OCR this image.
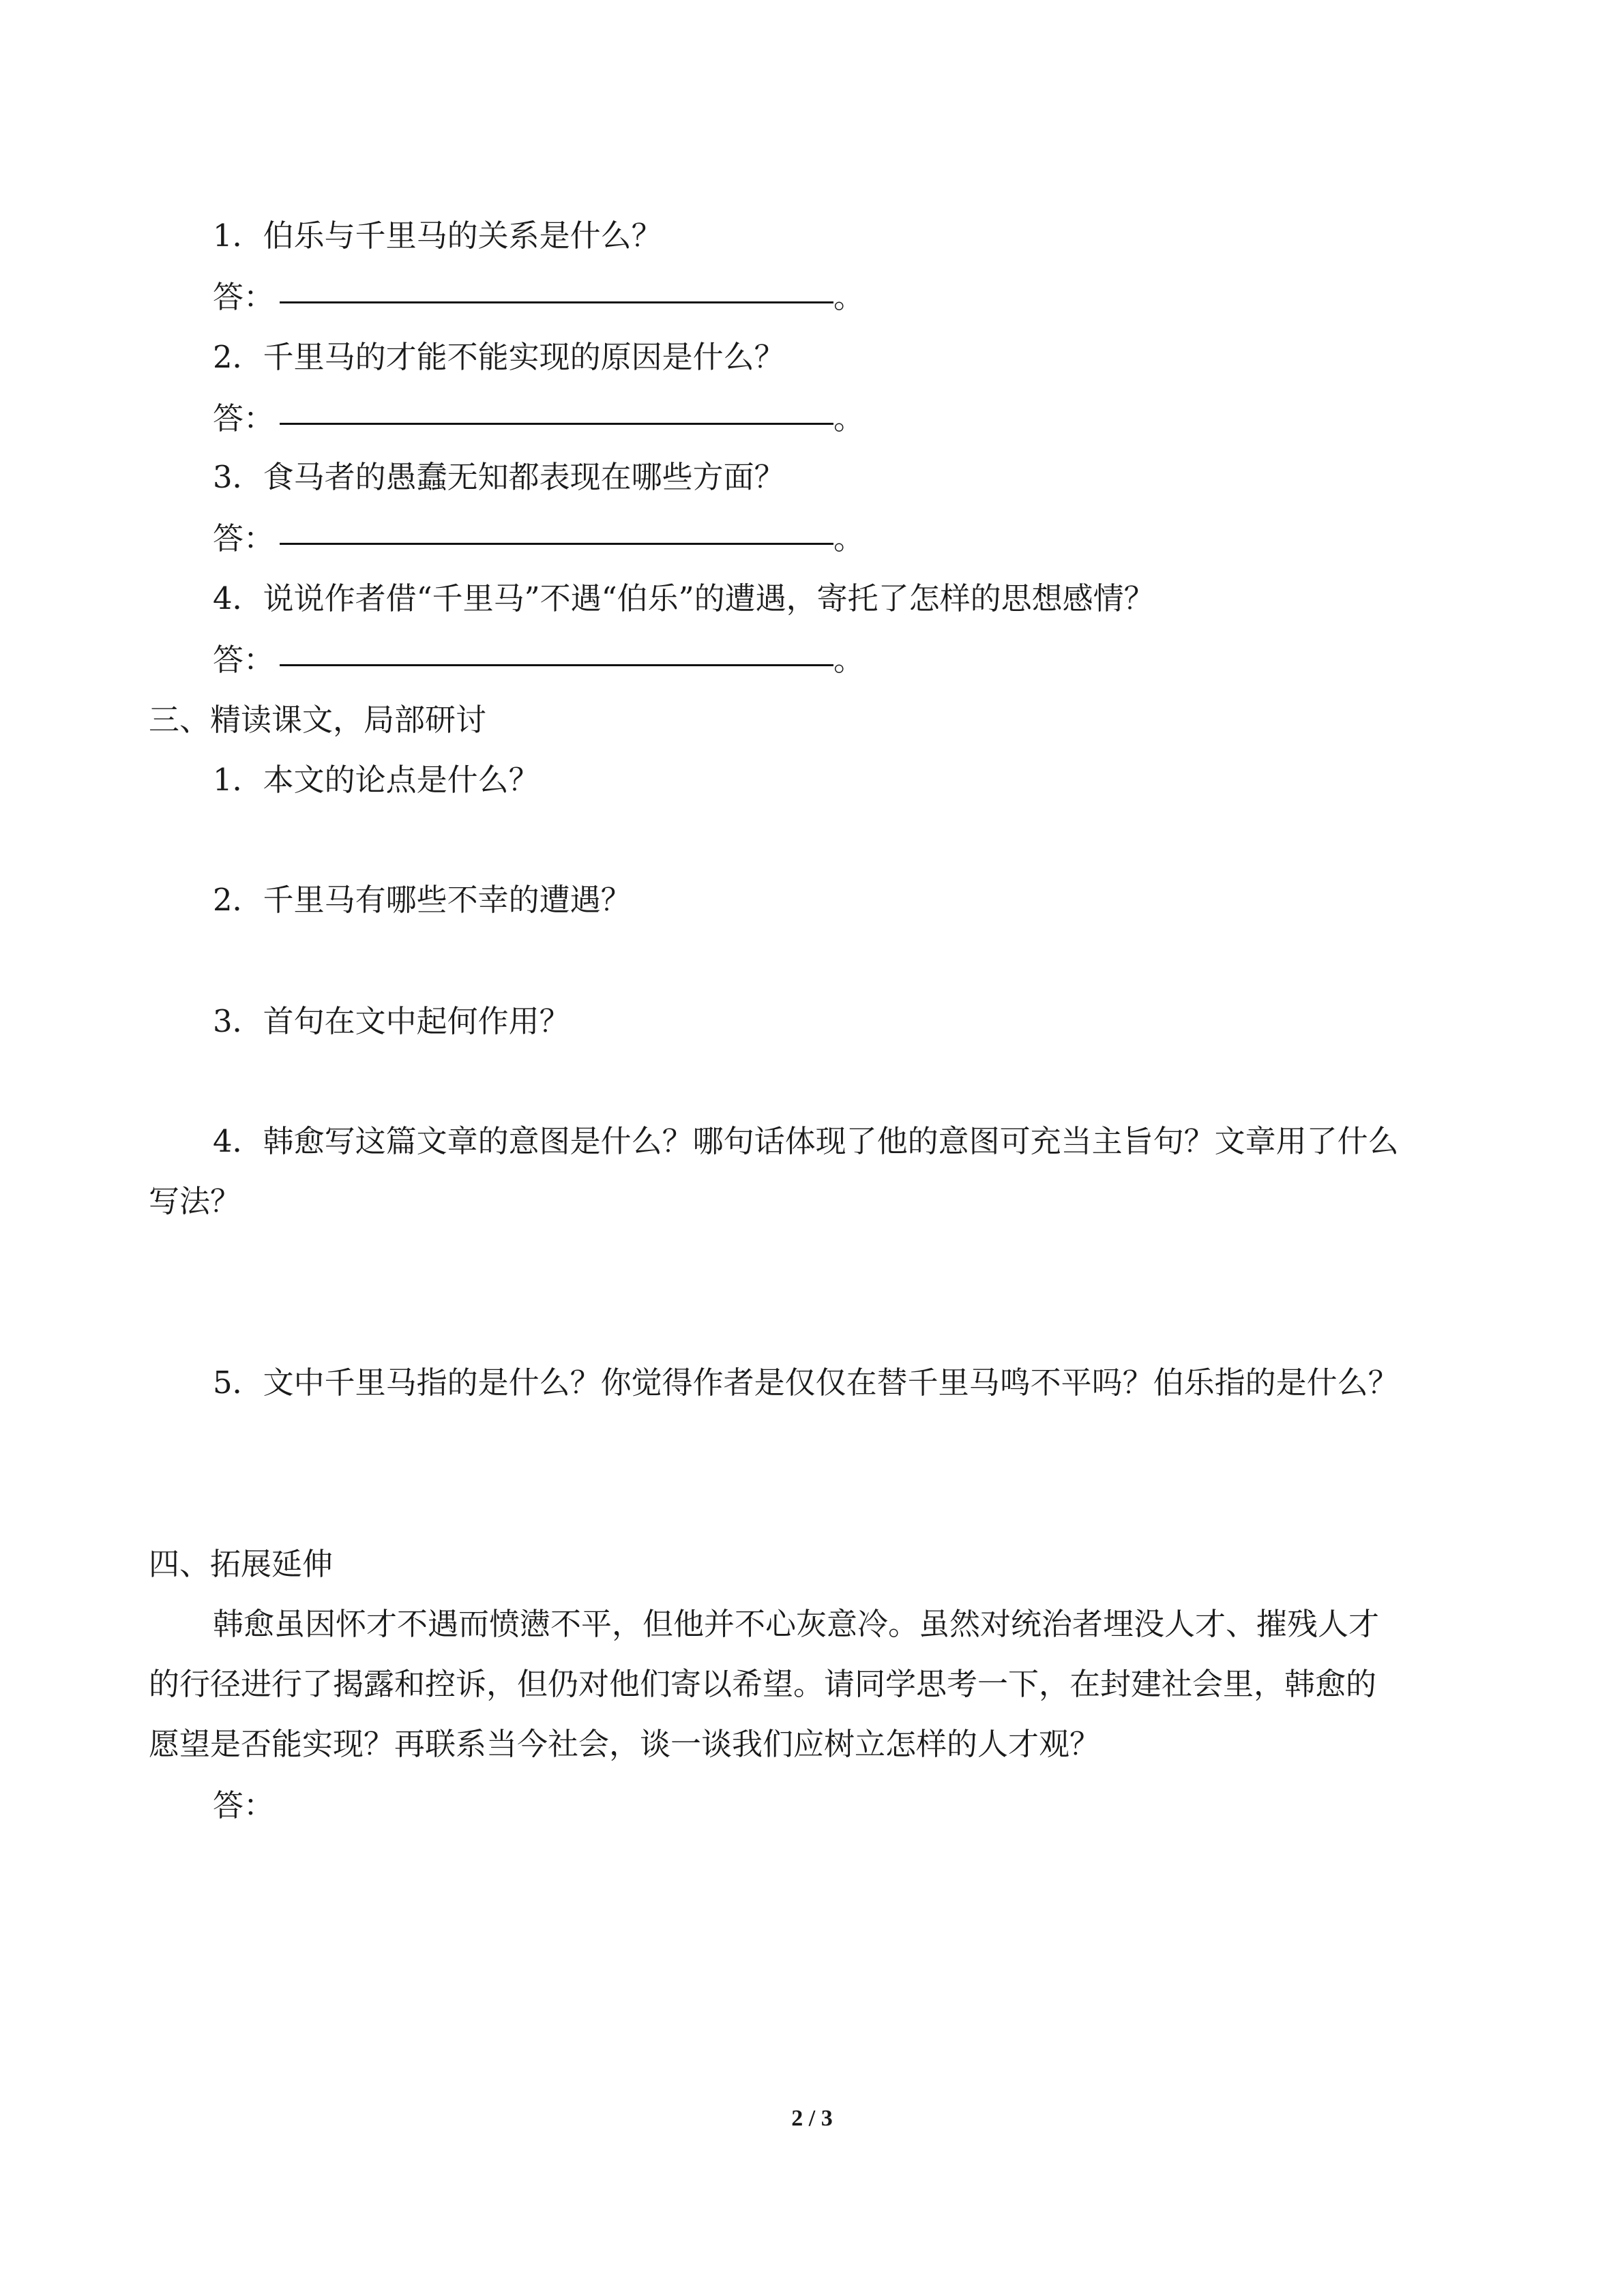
1．伯乐与千里马的关系是什么？
答：	。
2．千里马的才能不能实现的原因是什么？
答：	。
3．食马者的愚蠢无知都表现在哪些方面？
答：	。
4．说说作者借“千里马”不遇“伯乐”的遭遇，寄托了怎样的思想感情？
答：	。
三、精读课文，局部研讨
1．本文的论点是什么？
2．千里马有哪些不幸的遭遇？
3．首句在文中起何作用？
4．韩愈写这篇文章的意图是什么？哪句话体现了他的意图可充当主旨句？文章用了什么
写法？
5．文中千里马指的是什么？你觉得作者是仅仅在替千里马鸣不平吗？伯乐指的是什么？
四、拓展延伸
韩愈虽因怀才不遇而愤懑不平，但他并不心灰意冷。虽然对统治者埋没人才、摧残人才
的行径进行了揭露和控诉，但仍对他们寄以希望。请同学思考一下，在封建社会里，韩愈的
愿望是否能实现？再联系当今社会，谈一谈我们应树立怎样的人才观？
答：
2 / 3
